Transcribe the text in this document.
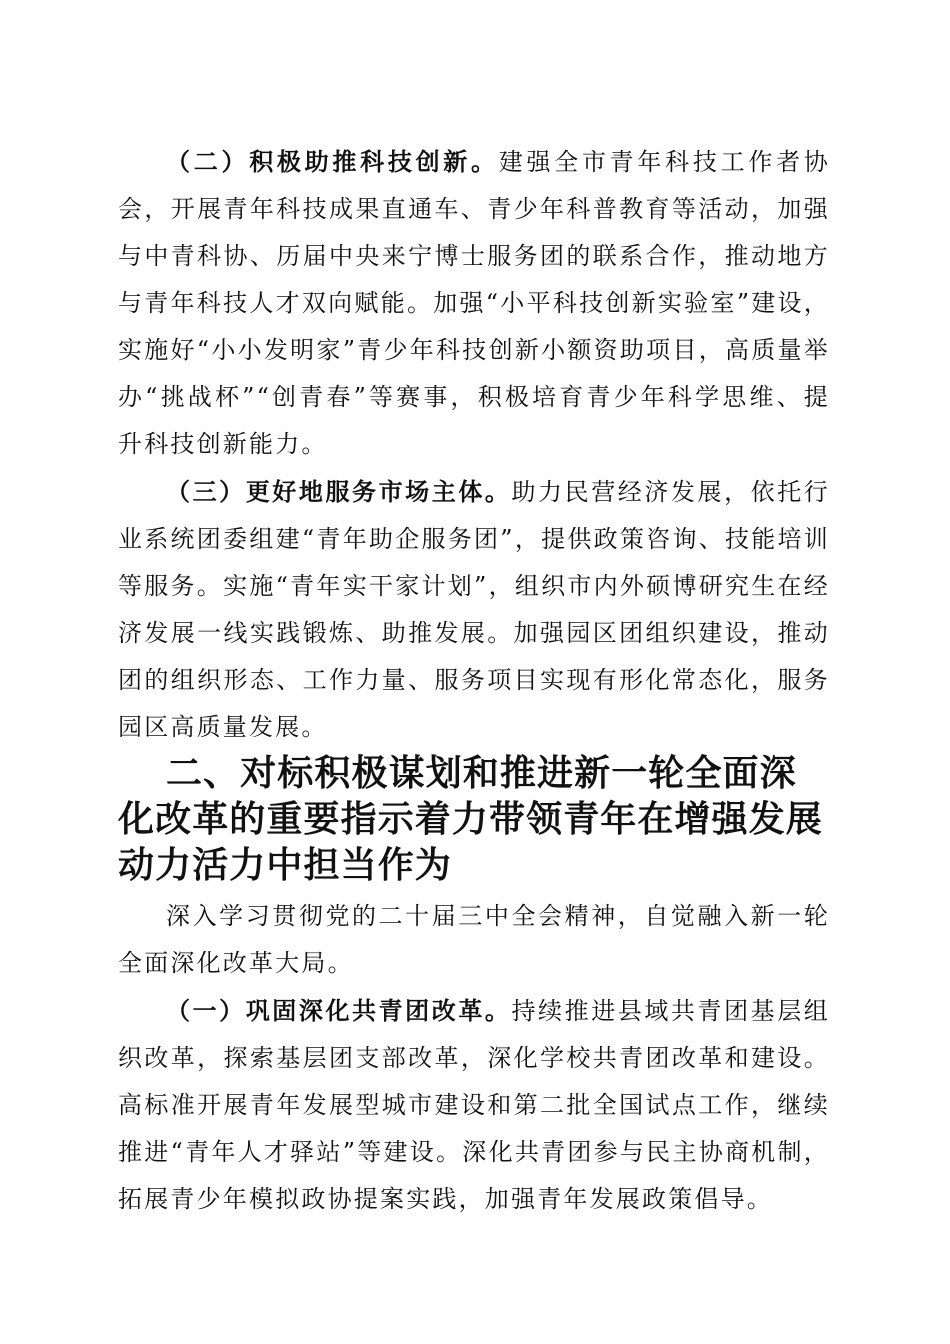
（二）积极助推科技创新。建强全市青年科技工作者协会，开展青年科技成果直通车、青少年科普教育等活动，加强与中青科协、历届中央来宁博士服务团的联系合作，推动地方与青年科技人才双向赋能。加强“小平科技创新实验室”建设，实施好“小小发明家”青少年科技创新小额资助项目，高质量举办“挑战杯”“创青春”等赛事，积极培育青少年科学思维、提升科技创新能力。

（三）更好地服务市场主体。助力民营经济发展，依托行业系统团委组建“青年助企服务团”，提供政策咨询、技能培训等服务。实施“青年实干家计划”，组织市内外硕博研究生在经济发展一线实践锻炼、助推发展。加强园区团组织建设，推动团的组织形态、工作力量、服务项目实现有形化常态化，服务园区高质量发展。

二、对标积极谋划和推进新一轮全面深化改革的重要指示着力带领青年在增强发展动力活力中担当作为

深入学习贯彻党的二十届三中全会精神，自觉融入新一轮全面深化改革大局。

（一）巩固深化共青团改革。持续推进县域共青团基层组织改革，探索基层团支部改革，深化学校共青团改革和建设。高标准开展青年发展型城市建设和第二批全国试点工作，继续推进“青年人才驿站”等建设。深化共青团参与民主协商机制，拓展青少年模拟政协提案实践，加强青年发展政策倡导。
